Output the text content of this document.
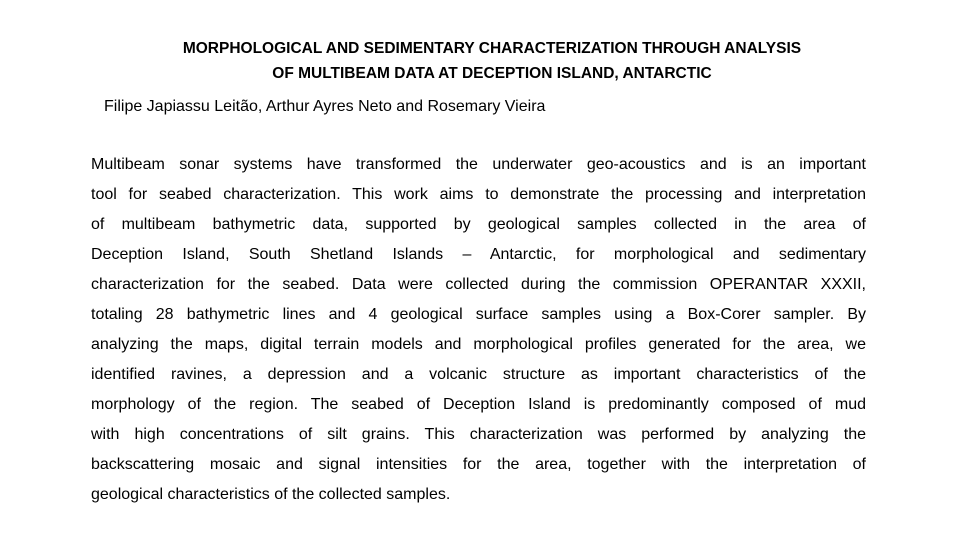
MORPHOLOGICAL AND SEDIMENTARY CHARACTERIZATION THROUGH ANALYSIS
OF MULTIBEAM DATA AT DECEPTION ISLAND, ANTARCTIC

Filipe Japiassu Leitão, Arthur Ayres Neto and Rosemary Vieira

Multibeam sonar systems have transformed the underwater geo-acoustics and is an important
tool for seabed characterization. This work aims to demonstrate the processing and interpretation
of multibeam bathymetric data, supported by geological samples collected in the area of
Deception Island, South Shetland Islands – Antarctic, for morphological and sedimentary
characterization for the seabed. Data were collected during the commission OPERANTAR XXXII,
totaling 28 bathymetric lines and 4 geological surface samples using a Box-Corer sampler. By
analyzing the maps, digital terrain models and morphological profiles generated for the area, we
identified ravines, a depression and a volcanic structure as important characteristics of the
morphology of the region. The seabed of Deception Island is predominantly composed of mud
with high concentrations of silt grains. This characterization was performed by analyzing the
backscattering mosaic and signal intensities for the area, together with the interpretation of
geological characteristics of the collected samples.
